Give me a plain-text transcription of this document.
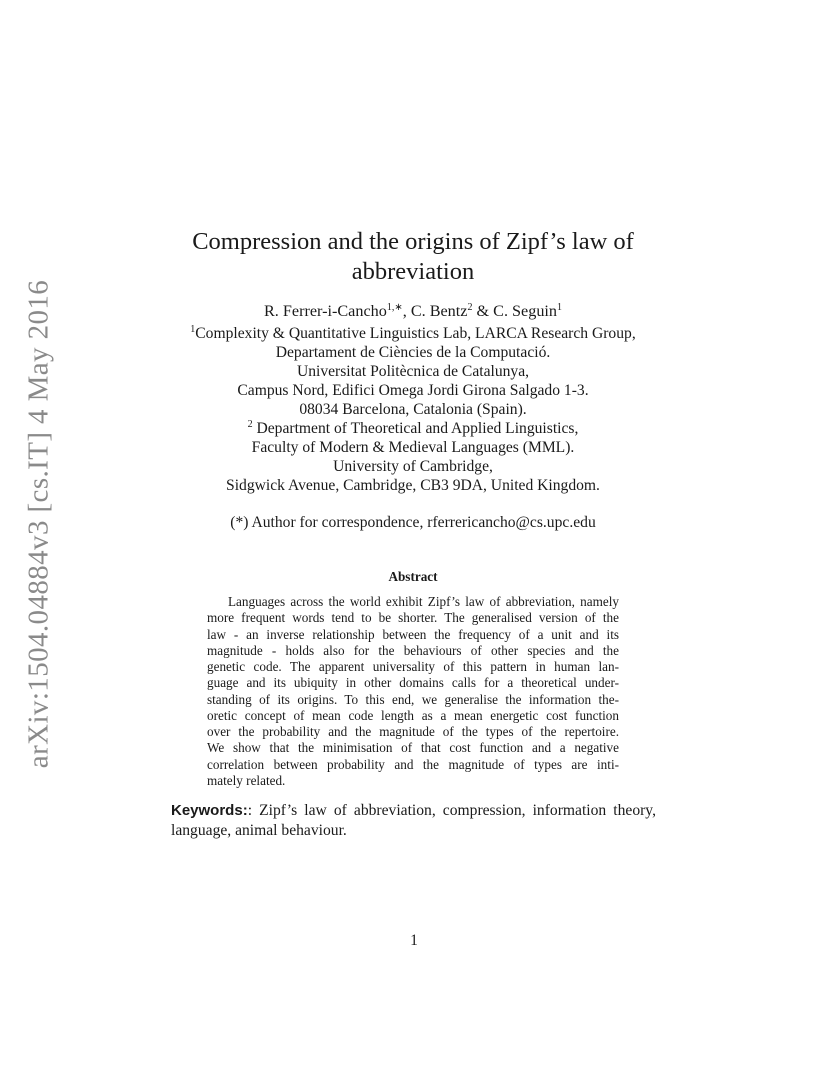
arXiv:1504.04884v3 [cs.IT] 4 May 2016
Compression and the origins of Zipf’s law of
abbreviation
R. Ferrer-i-Cancho$^{1,∗}$, C. Bentz$^2$ & C. Seguin$^1$
$^1$Complexity & Quantitative Linguistics Lab, LARCA Research Group,
Departament de Ciències de la Computació.
Universitat Politècnica de Catalunya,
Campus Nord, Edifici Omega Jordi Girona Salgado 1-3.
08034 Barcelona, Catalonia (Spain).
$^2$ Department of Theoretical and Applied Linguistics,
Faculty of Modern & Medieval Languages (MML).
University of Cambridge,
Sidgwick Avenue, Cambridge, CB3 9DA, United Kingdom.
(*) Author for correspondence, rferrericancho@cs.upc.edu
Abstract
Languages across the world exhibit Zipf’s law of abbreviation, namely
more frequent words tend to be shorter. The generalised version of the
law - an inverse relationship between the frequency of a unit and its
magnitude - holds also for the behaviours of other species and the
genetic code. The apparent universality of this pattern in human lan-
guage and its ubiquity in other domains calls for a theoretical under-
standing of its origins. To this end, we generalise the information the-
oretic concept of mean code length as a mean energetic cost function
over the probability and the magnitude of the types of the repertoire.
We show that the minimisation of that cost function and a negative
correlation between probability and the magnitude of types are inti-
mately related.
Keywords:: Zipf’s law of abbreviation, compression, information theory,
language, animal behaviour.
1
